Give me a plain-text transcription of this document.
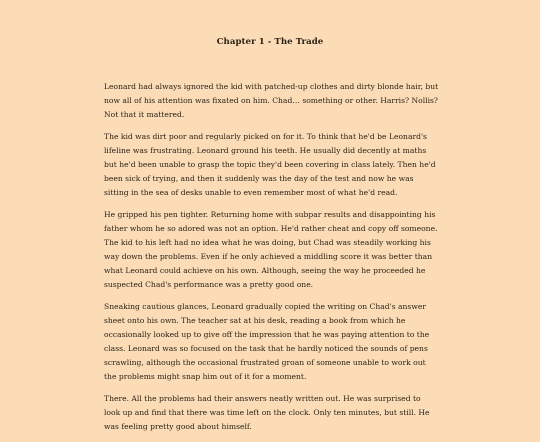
Chapter 1 - The Trade

Leonard had always ignored the kid with patched-up clothes and dirty blonde hair, but now all of his attention was fixated on him. Chad… something or other. Harris? Nollis? Not that it mattered.

The kid was dirt poor and regularly picked on for it. To think that he'd be Leonard's lifeline was frustrating. Leonard ground his teeth. He usually did decently at maths but he'd been unable to grasp the topic they'd been covering in class lately. Then he'd been sick of trying, and then it suddenly was the day of the test and now he was sitting in the sea of desks unable to even remember most of what he'd read.

He gripped his pen tighter. Returning home with subpar results and disappointing his father whom he so adored was not an option. He'd rather cheat and copy off someone. The kid to his left had no idea what he was doing, but Chad was steadily working his way down the problems. Even if he only achieved a middling score it was better than what Leonard could achieve on his own. Although, seeing the way he proceeded he suspected Chad's performance was a pretty good one.

Sneaking cautious glances, Leonard gradually copied the writing on Chad's answer sheet onto his own. The teacher sat at his desk, reading a book from which he occasionally looked up to give off the impression that he was paying attention to the class. Leonard was so focused on the task that he hardly noticed the sounds of pens scrawling, although the occasional frustrated groan of someone unable to work out the problems might snap him out of it for a moment.

There. All the problems had their answers neatly written out. He was surprised to look up and find that there was time left on the clock. Only ten minutes, but still. He was feeling pretty good about himself.
